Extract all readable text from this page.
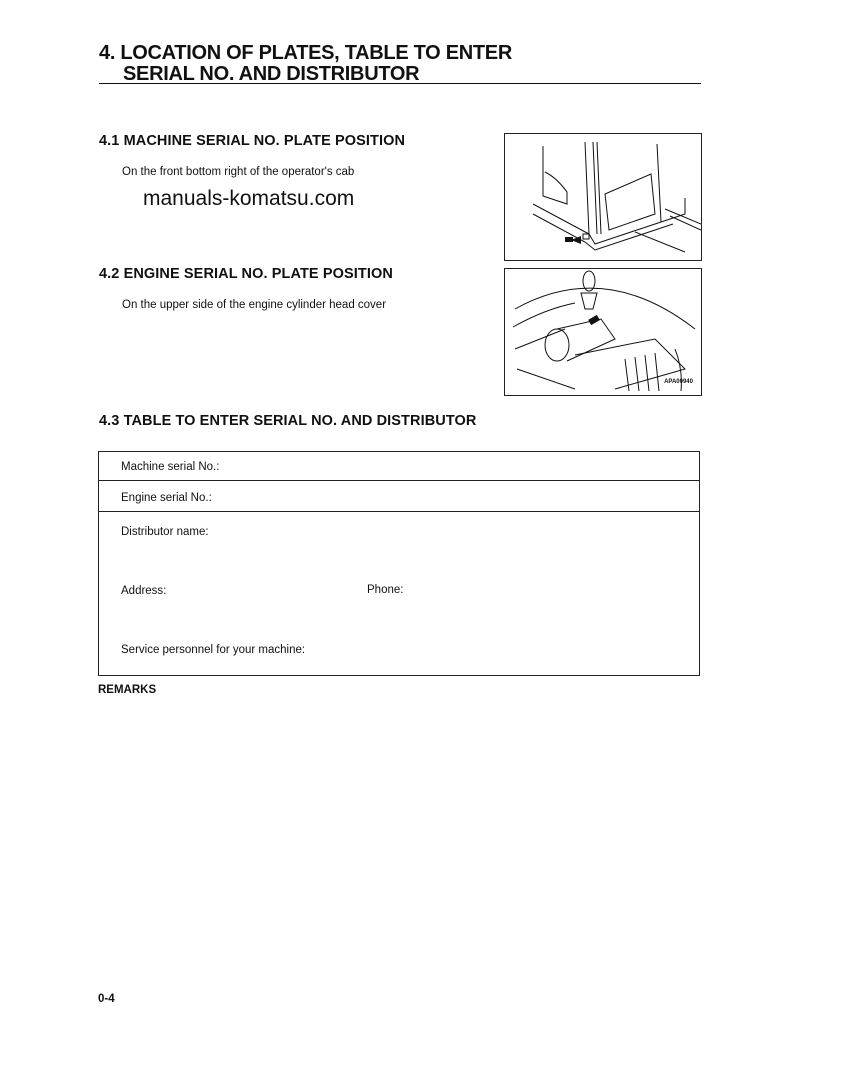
4. LOCATION OF PLATES, TABLE TO ENTER
SERIAL NO. AND DISTRIBUTOR
4.1 MACHINE SERIAL NO. PLATE POSITION
On the front bottom right of the operator's cab
manuals-komatsu.com
4.2 ENGINE SERIAL NO. PLATE POSITION
On the upper side of the engine cylinder head cover
APA00940
4.3 TABLE TO ENTER SERIAL NO. AND DISTRIBUTOR
Machine serial No.:
Engine serial No.:
Distributor name:
Address:	Phone:
Service personnel for your machine:
REMARKS
0-4
